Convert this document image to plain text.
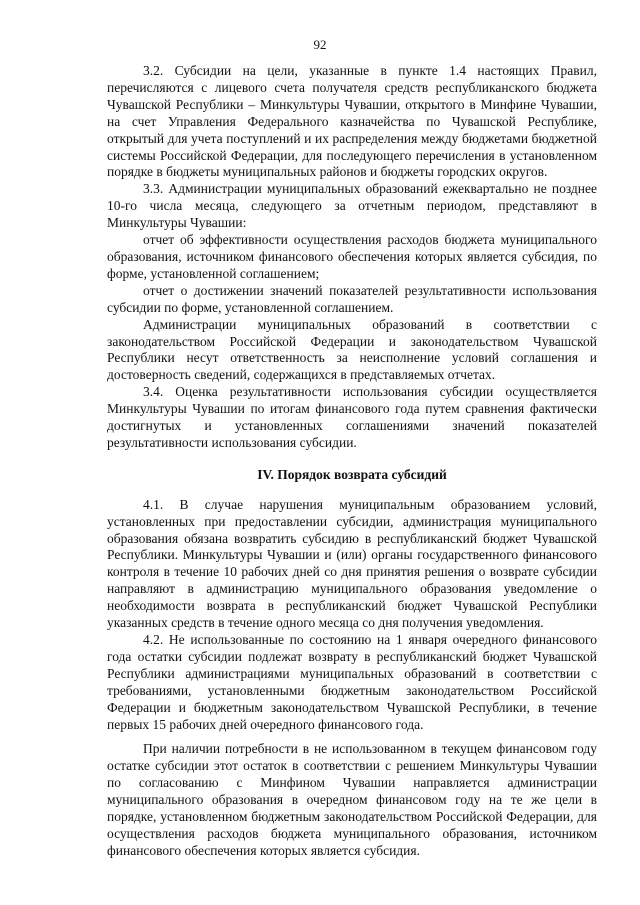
92

3.2. Субсидии на цели, указанные в пункте 1.4 настоящих Правил, перечисляются с лицевого счета получателя средств республиканского бюджета Чувашской Республики – Минкультуры Чувашии, открытого в Минфине Чувашии, на счет Управления Федерального казначейства по Чувашской Республике, открытый для учета поступлений и их распределения между бюджетами бюджетной системы Российской Федерации, для последующего перечисления в установленном порядке в бюджеты муниципальных районов и бюджеты городских округов.

3.3. Администрации муниципальных образований ежеквартально не позднее 10-го числа месяца, следующего за отчетным периодом, представляют в Минкультуры Чувашии:

отчет об эффективности осуществления расходов бюджета муниципального образования, источником финансового обеспечения которых является субсидия, по форме, установленной соглашением;

отчет о достижении значений показателей результативности использования субсидии по форме, установленной соглашением.

Администрации муниципальных образований в соответствии с законодательством Российской Федерации и законодательством Чувашской Республики несут ответственность за неисполнение условий соглашения и достоверность сведений, содержащихся в представляемых отчетах.

3.4. Оценка результативности использования субсидии осуществляется Минкультуры Чувашии по итогам финансового года путем сравнения фактически достигнутых и установленных соглашениями значений показателей результативности использования субсидии.

IV. Порядок возврата субсидий

4.1. В случае нарушения муниципальным образованием условий, установленных при предоставлении субсидии, администрация муниципального образования обязана возвратить субсидию в республиканский бюджет Чувашской Республики. Минкультуры Чувашии и (или) органы государственного финансового контроля в течение 10 рабочих дней со дня принятия решения о возврате субсидии направляют в администрацию муниципального образования уведомление о необходимости возврата в республиканский бюджет Чувашской Республики указанных средств в течение одного месяца со дня получения уведомления.

4.2. Не использованные по состоянию на 1 января очередного финансового года остатки субсидии подлежат возврату в республиканский бюджет Чувашской Республики администрациями муниципальных образований в соответствии с требованиями, установленными бюджетным законодательством Российской Федерации и бюджетным законодательством Чувашской Республики, в течение первых 15 рабочих дней очередного финансового года.

При наличии потребности в не использованном в текущем финансовом году остатке субсидии этот остаток в соответствии с решением Минкультуры Чувашии по согласованию с Минфином Чувашии направляется администрации муниципального образования в очередном финансовом году на те же цели в порядке, установленном бюджетным законодательством Российской Федерации, для осуществления расходов бюджета муниципального образования, источником финансового обеспечения которых является субсидия.
